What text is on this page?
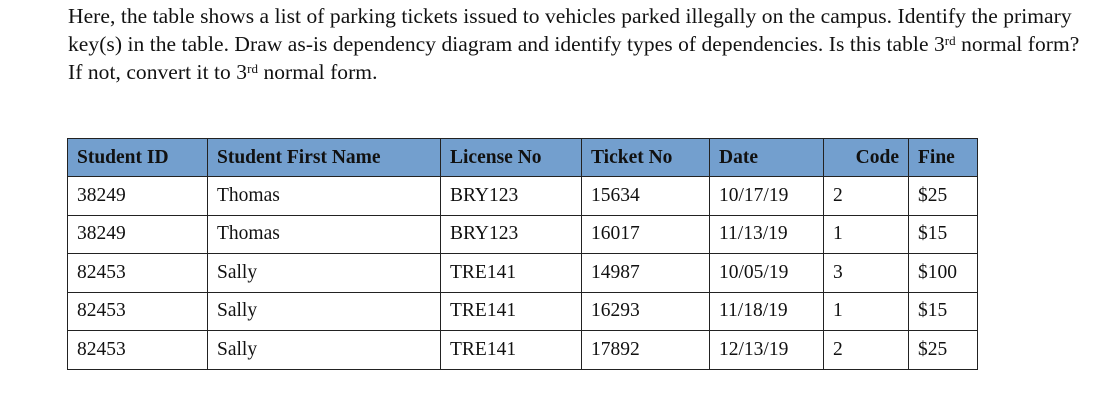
Here, the table shows a list of parking tickets issued to vehicles parked illegally on the campus. Identify the primary key(s) in the table. Draw as-is dependency diagram and identify types of dependencies. Is this table 3rd normal form? If not, convert it to 3rd normal form.

Student ID	Student First Name	License No	Ticket No	Date	Code	Fine
38249	Thomas	BRY123	15634	10/17/19	2	$25
38249	Thomas	BRY123	16017	11/13/19	1	$15
82453	Sally	TRE141	14987	10/05/19	3	$100
82453	Sally	TRE141	16293	11/18/19	1	$15
82453	Sally	TRE141	17892	12/13/19	2	$25
